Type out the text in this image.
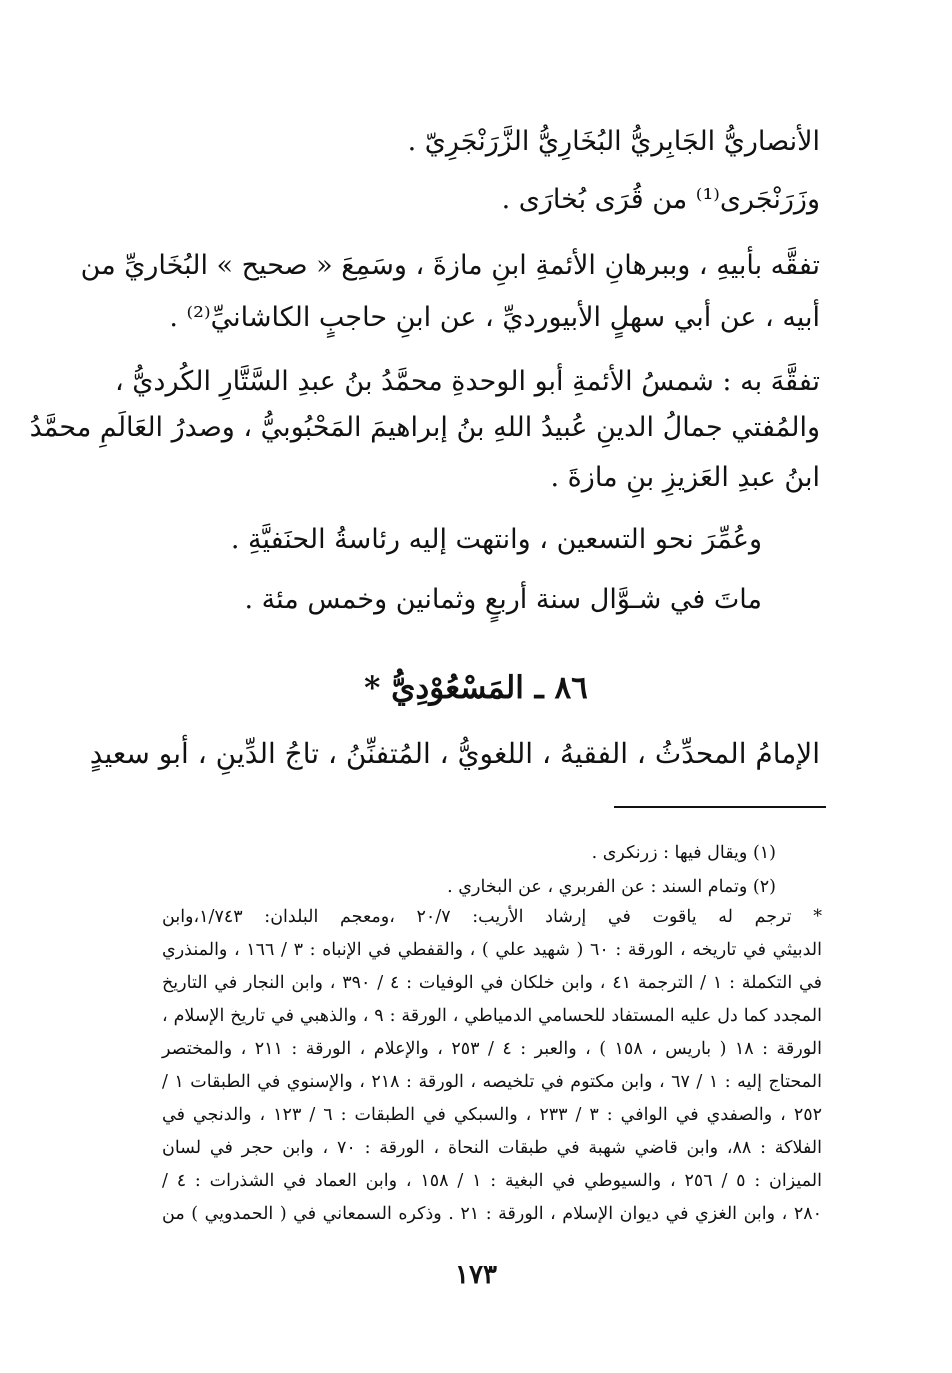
الأنصاريُّ الجَابِريُّ البُخَارِيُّ الزَّرَنْجَرِيّ .
وزَرَنْجَرى⁽¹⁾ من قُرَى بُخارَى .
تفقَّه بأبيهِ ، وببرهانِ الأئمةِ ابنِ مازةَ ، وسَمِعَ « صحيح » البُخَاريِّ من
أبيه ، عن أبي سهلٍ الأبيورديِّ ، عن ابنِ حاجبٍ الكاشانيِّ⁽²⁾ .
تفقَّهَ به : شمسُ الأئمةِ أبو الوحدةِ محمَّدُ بنُ عبدِ السَّتَّارِ الكُرديُّ ،
والمُفتي جمالُ الدينِ عُبيدُ اللهِ بنُ إبراهيمَ المَحْبُوبيُّ ، وصدرُ العَالَمِ محمَّدُ
ابنُ عبدِ العَزيزِ بنِ مازةَ .
وعُمِّرَ نحو التسعين ، وانتهت إليه رئاسةُ الحنَفيَّةِ .
ماتَ في شـوَّال سنة أربعٍ وثمانين وخمس مئة .
٨٦ ـ المَسْعُوْدِيُّ *
الإمامُ المحدِّثُ ، الفقيهُ ، اللغويُّ ، المُتفنِّنُ ، تاجُ الدِّينِ ، أبو سعيدٍ
(١) ويقال فيها : زرنكرى .
(٢) وتمام السند : عن الفربري ، عن البخاري .
* ترجم له ياقوت في إرشاد الأريب: ٢٠/٧ ،ومعجم البلدان: ١/٧٤٣،وابن
الدبيثي في تاريخه ، الورقة : ٦٠ ( شهيد علي ) ، والقفطي في الإنباه : ٣ / ١٦٦ ، والمنذري
في التكملة : ١ / الترجمة ٤١ ، وابن خلكان في الوفيات : ٤ / ٣٩٠ ، وابن النجار في التاريخ
المجدد كما دل عليه المستفاد للحسامي الدمياطي ، الورقة : ٩ ، والذهبي في تاريخ الإسلام ،
الورقة : ١٨ ( باريس ، ١٥٨ ) ، والعبر : ٤ / ٢٥٣ ، والإعلام ، الورقة : ٢١١ ، والمختصر
المحتاج إليه : ١ / ٦٧ ، وابن مكتوم في تلخيصه ، الورقة : ٢١٨ ، والإسنوي في الطبقات ١ /
٢٥٢ ، والصفدي في الوافي : ٣ / ٢٣٣ ، والسبكي في الطبقات : ٦ / ١٢٣ ، والدنجي في
الفلاكة : ٨٨، وابن قاضي شهبة في طبقات النحاة ، الورقة : ٧٠ ، وابن حجر في لسان
الميزان : ٥ / ٢٥٦ ، والسيوطي في البغية : ١ / ١٥٨ ، وابن العماد في الشذرات : ٤ /
٢٨٠ ، وابن الغزي في ديوان الإسلام ، الورقة : ٢١ . وذكره السمعاني في ( الحمدويي ) من
١٧٣
